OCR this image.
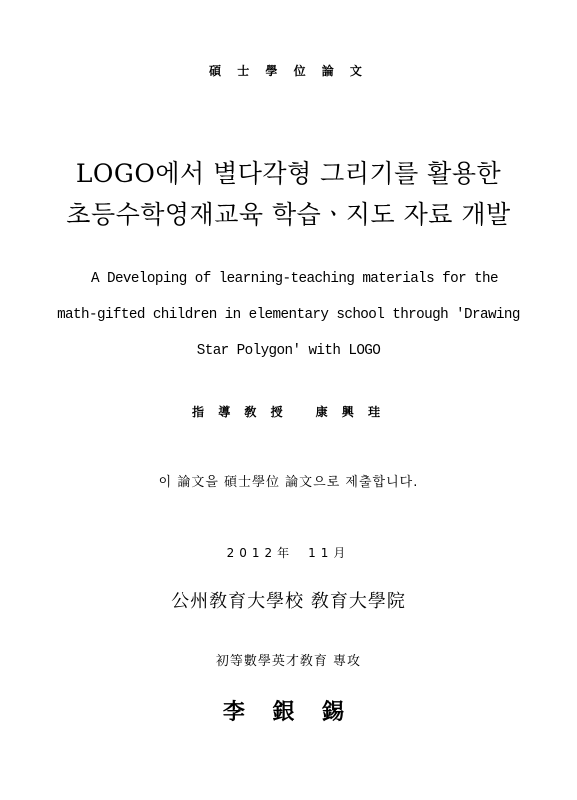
碩 士 學 位 論 文
LOGO에서 별다각형 그리기를 활용한
초등수학영재교육 학습ㆍ지도 자료 개발
A Developing of learning-teaching materials for the
math-gifted children in elementary school through 'Drawing
Star Polygon' with LOGO
指 導 敎 授 康 興 珪
이 論文을 碩士學位 論文으로 제출합니다.
2012年 11月
公州敎育大學校 敎育大學院
初等數學英才敎育 專攻
李 銀 錫
